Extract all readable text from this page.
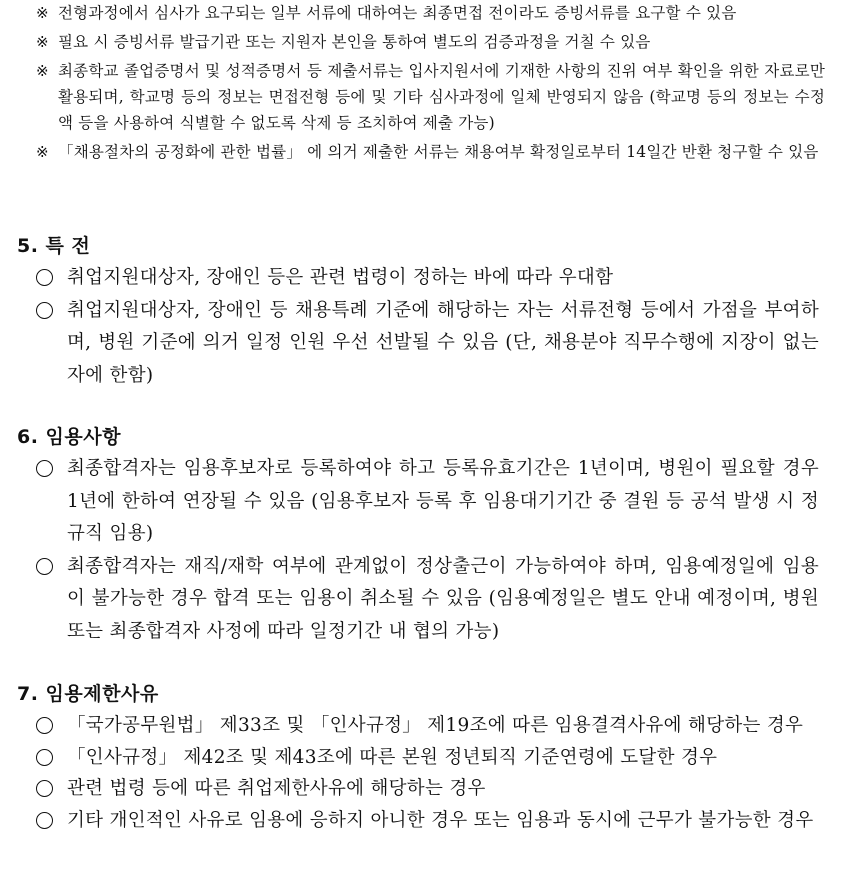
※ 전형과정에서 심사가 요구되는 일부 서류에 대하여는 최종면접 전이라도 증빙서류를 요구할 수 있음
※ 필요 시 증빙서류 발급기관 또는 지원자 본인을 통하여 별도의 검증과정을 거칠 수 있음
※ 최종학교 졸업증명서 및 성적증명서 등 제출서류는 입사지원서에 기재한 사항의 진위 여부 확인을 위한 자료로만 활용되며, 학교명 등의 정보는 면접전형 등에 및 기타 심사과정에 일체 반영되지 않음 (학교명 등의 정보는 수정액 등을 사용하여 식별할 수 없도록 삭제 등 조치하여 제출 가능)
※ 「채용절차의 공정화에 관한 법률」 에 의거 제출한 서류는 채용여부 확정일로부터 14일간 반환 청구할 수 있음
5. 특 전
취업지원대상자, 장애인 등은 관련 법령이 정하는 바에 따라 우대함
취업지원대상자, 장애인 등 채용특례 기준에 해당하는 자는 서류전형 등에서 가점을 부여하며, 병원 기준에 의거 일정 인원 우선 선발될 수 있음 (단, 채용분야 직무수행에 지장이 없는 자에 한함)
6. 임용사항
최종합격자는 임용후보자로 등록하여야 하고 등록유효기간은 1년이며, 병원이 필요할 경우 1년에 한하여 연장될 수 있음 (임용후보자 등록 후 임용대기기간 중 결원 등 공석 발생 시 정규직 임용)
최종합격자는 재직/재학 여부에 관계없이 정상출근이 가능하여야 하며, 임용예정일에 임용이 불가능한 경우 합격 또는 임용이 취소될 수 있음 (임용예정일은 별도 안내 예정이며, 병원 또는 최종합격자 사정에 따라 일정기간 내 협의 가능)
7. 임용제한사유
「국가공무원법」 제33조 및 「인사규정」 제19조에 따른 임용결격사유에 해당하는 경우
「인사규정」 제42조 및 제43조에 따른 본원 정년퇴직 기준연령에 도달한 경우
관련 법령 등에 따른 취업제한사유에 해당하는 경우
기타 개인적인 사유로 임용에 응하지 아니한 경우 또는 임용과 동시에 근무가 불가능한 경우
